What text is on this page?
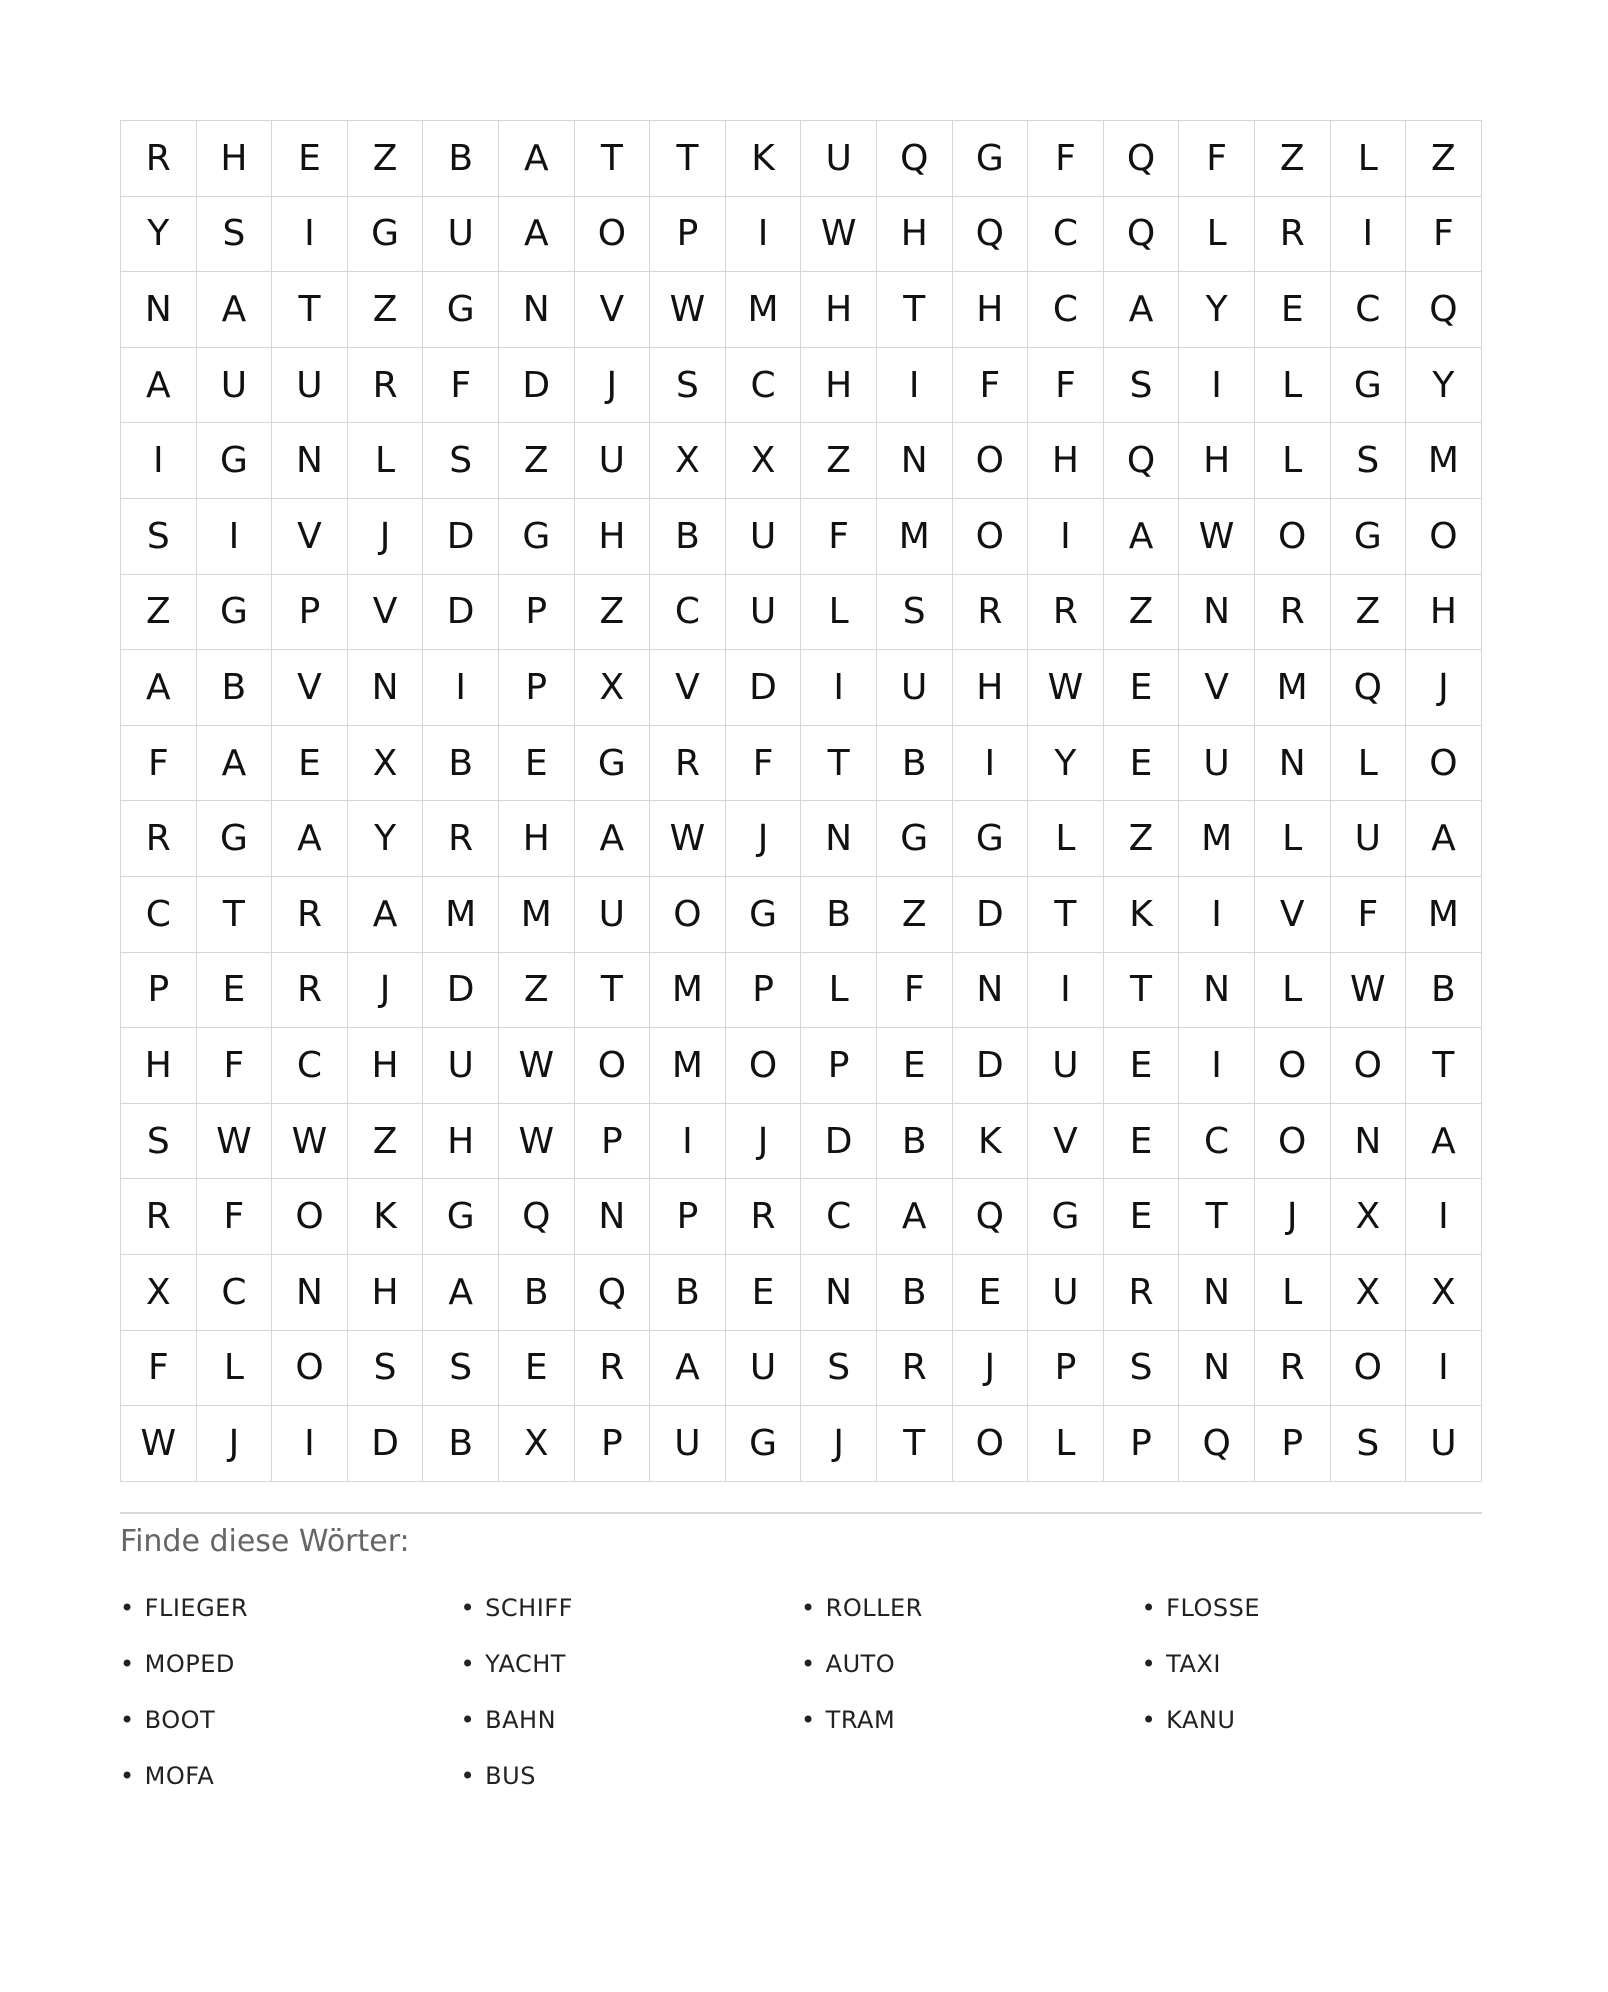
R	H	E	Z	B	A	T	T	K	U	Q	G	F	Q	F	Z	L	Z
Y	S	I	G	U	A	O	P	I	W	H	Q	C	Q	L	R	I	F
N	A	T	Z	G	N	V	W	M	H	T	H	C	A	Y	E	C	Q
A	U	U	R	F	D	J	S	C	H	I	F	F	S	I	L	G	Y
I	G	N	L	S	Z	U	X	X	Z	N	O	H	Q	H	L	S	M
S	I	V	J	D	G	H	B	U	F	M	O	I	A	W	O	G	O
Z	G	P	V	D	P	Z	C	U	L	S	R	R	Z	N	R	Z	H
A	B	V	N	I	P	X	V	D	I	U	H	W	E	V	M	Q	J
F	A	E	X	B	E	G	R	F	T	B	I	Y	E	U	N	L	O
R	G	A	Y	R	H	A	W	J	N	G	G	L	Z	M	L	U	A
C	T	R	A	M	M	U	O	G	B	Z	D	T	K	I	V	F	M
P	E	R	J	D	Z	T	M	P	L	F	N	I	T	N	L	W	B
H	F	C	H	U	W	O	M	O	P	E	D	U	E	I	O	O	T
S	W	W	Z	H	W	P	I	J	D	B	K	V	E	C	O	N	A
R	F	O	K	G	Q	N	P	R	C	A	Q	G	E	T	J	X	I
X	C	N	H	A	B	Q	B	E	N	B	E	U	R	N	L	X	X
F	L	O	S	S	E	R	A	U	S	R	J	P	S	N	R	O	I
W	J	I	D	B	X	P	U	G	J	T	O	L	P	Q	P	S	U
Finde diese Wörter:
• FLIEGER	• SCHIFF	• ROLLER	• FLOSSE
• MOPED	• YACHT	• AUTO	• TAXI
• BOOT	• BAHN	• TRAM	• KANU
• MOFA	• BUS
